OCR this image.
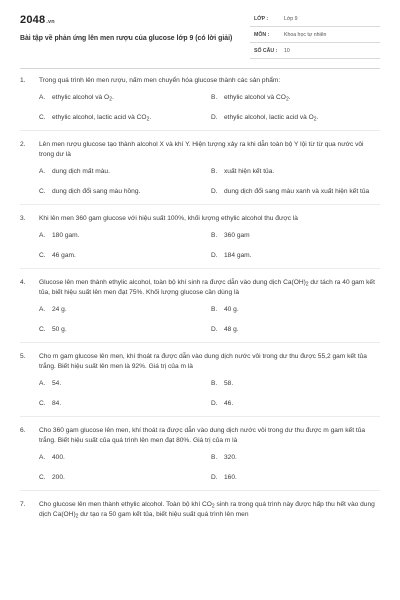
2048.vn
Bài tập về phản ứng lên men rượu của glucose lớp 9 (có lời giải)
LỚP :	Lớp 9
MÔN :	Khoa học tự nhiên
SỐ CÂU : 10
1.	Trong quá trình lên men rượu, nấm men chuyển hóa glucose thành các sản phẩm:
A.	ethylic alcohol và $O_2$.	B.	ethylic alcohol và $CO_2$.
C. ethylic alcohol, lactic acid và $CO_2$.	D. ethylic alcohol, lactic acid và $O_2$.
2.	Lên men rượu glucose tạo thành alcohol X và khí Y. Hiện tượng xảy ra khi dẫn toàn bộ Y lội từ từ qua nước vôi trong dư là
A.	dung dịch mất màu.	B.	xuất hiện kết tủa.
C. dung dịch đổi sang màu hồng.	D. dung dịch đổi sang màu xanh và xuất hiện kết tủa
3.	Khi lên men 360 gam glucose với hiệu suất 100%, khối lượng ethylic alcohol thu được là
A.	180 gam.	B.	360 gam
C. 46 gam.	D. 184 gam.
4.	Glucose lên men thành ethylic alcohol, toàn bộ khí sinh ra được dẫn vào dung dịch $Ca(OH)_2$ dư tách ra 40 gam kết tủa, biết hiệu suất lên men đạt 75%. Khối lượng glucose cần dùng là
A.	24 g.	B.	40 g.
C. 50 g.	D. 48 g.
5.	Cho m gam glucose lên men, khí thoát ra được dẫn vào dung dịch nước vôi trong dư thu được 55,2 gam kết tủa trắng. Biết hiệu suất lên men là 92%. Giá trị của m là
A.	54.	B.	58.
C. 84.	D. 46.
6.	Cho 360 gam glucose lên men, khí thoát ra được dẫn vào dung dịch nước vôi trong dư thu được m gam kết tủa trắng. Biết hiệu suất của quá trình lên men đạt 80%. Giá trị của m là
A.	400.	B.	320.
C. 200.	D. 160.
7.	Cho glucose lên men thành ethylic alcohol. Toàn bộ khí $CO_2$ sinh ra trong quá trình này được hấp thu hết vào dung dịch $Ca(OH)_2$ dư tạo ra 50 gam kết tủa, biết hiệu suất quá trình lên men
